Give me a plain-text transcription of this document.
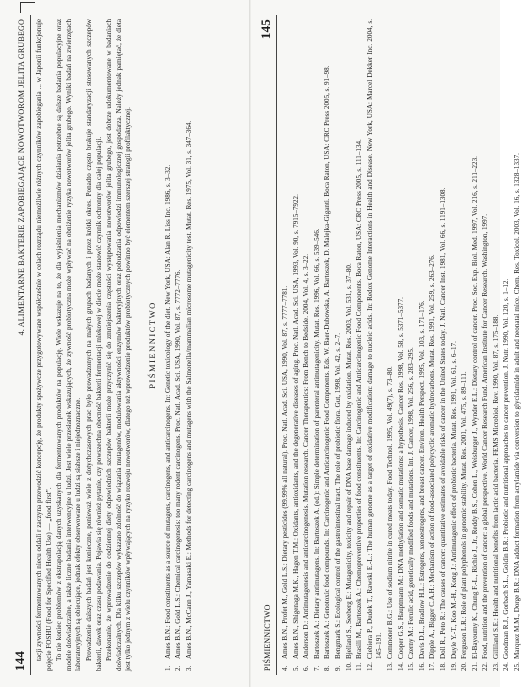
144
4. ALIMENTARNE BAKTERIE ZAPOBIEGAJĄCE NOWOTWOROM JELITA GRUBEGO tacji zywności fermentowanych niecu oddali r zaczyna przewodzić koncepcję, że produkty spożywcze przygotowywane współcześnie w celach rozrządu niemożliwie różnych czynników zapobiegania ... w Japonii funkcjonuje pojęcie FOSHU (Food for Specified Health Use) — „food first”. To nie koniec problemów z ekstrapolacją danych uzyskanych dla fermentowanych produktów na populację. Wiele wskazuje na to, że dla wyjaśnienia mechanizmów działania potrzebne są dalsze badania populacyjne oraz modele doświadczalne, a także liczne badania interwencyjne u ludzi. Jest wiele przesłanek wskazujących, że zywność probiotyczna może wpływać na obniżenie ryzyka nowotworów jelita grubego. Wyniki badań na zwierzętach laboratoryjnych są obiecujące, jednak efekty obserwowane u ludzi są słabsze i niejednoznaczne. Prowadzenie dalszych badań jest konieczne, ponieważ wiele z dotychczasowych prac było prowadzonych na małych grupach badanych i przez krótki okres. Ponadto często brakuje standaryzacji stosowanych szczepów bakterii, dawek oraz czasu podawania. Pojawia się również pytanie, czy powszechna obecność bakterii fermentacji mlekowej w diecie może stanowić czynnik ochronny dla całej populacji. Przekonanie, że wprowadzenie do codziennej diety odpowiednich szczepów bakterii może przyczynić się do zmniejszenia częstości występowania nowotworów jelita grubego, jest dobrze udokumentowane w badaniach doświadczalnych. Dla kilku szczepów wykazano zdolność do wiązania mutagenów, modulowania aktywności enzymów bakteryjnych oraz pobudzania odpowiedzi immunologicznej gospodarza. Należy jednak pamiętać, że dieta jest tylko jednym z wielu czynników wpływających na ryzyko rozwoju nowotworów, dlatego też wprowadzenie produktów probiotycznych powinno być elementem szerszej strategii profilaktycznej. PIŚMIENNICTWO
1.
Ames B.N.: Food constituents as a source of mutagens, carcinogens, and anticarcinogens. In: Genetic toxicology of the diet. New York, USA: Alan R. Liss Inc. 1986, s. 3–32.
2.
Ames B.N., Gold L.S.: Chemical carcinogenesis: too many rodent carcinogens. Proc. Natl. Acad. Sci. USA, 1990, Vol. 87, s. 7772–7776.
3.
Ames B.N., McCann J., Yamasaki E.: Methods for detecting carcinogens and mutagens with the Salmonella/mammalian microsome mutagenicity test. Mutat. Res. 1975, Vol. 31, s. 347–364.	PIŚMIENNICTWO
145
4.
Ames B.N., Profet M., Gold L.S.: Dietary pesticides (99.99% all natural). Proc. Natl. Acad. Sci. USA, 1990, Vol. 87, s. 7777–7781.
5.
Ames B.N., Shigenaga M.K., Hagen T.M.: Oxidants, antioxidants, and the degenerative diseases of aging. Proc. Natl. Acad. Sci. USA, 1993, Vol. 90, s. 7915–7922.
6.
Anderson D.: Antimutagenesis and anticarcinogenesis. Mutation research. Cancer Therapeutics: From Bench to Bedside. 2004, Vol. 4, s. 3–22.
7.
Bartoszek A.: Dietary antimutagens. In: Bartoszek A. (ed.): Simple determination of parenteral antimutagenicity. Mutat. Res. 1996, Vol. 66, s. 539–546.
8.
Bartoszek A.: Genotoxic food compounds. In: Carcinogenic and Anticarcinogenic Food Components. Eds. W. Baer-Dubowska, A. Bartoszek, D. Malejka-Giganti. Boca Raton, USA: CRC Press 2005, s. 91–98.
9.
Bengmark S.: Ecological control of the gastrointestinal tract. The role of probiotic flora. Gut, 1998, Vol. 42, s. 2–7.
10.
Bjelland S., Seeberg E.: Mutagenicity, toxicity and repair of DNA base damage induced by oxidation. Mutat. Res. 2003, Vol. 531, s. 37–80.
11.
Brasili M., Bartoszek A.: Chemopreventive properties of food constituents. In: Carcinogenic and Anticarcinogenic Food Components. Boca Raton, USA: CRC Press 2005, s. 111–134.
12.
Ciebiera P., Dudek T., Rawski E.-L.: The human genome as a target of oxidative modification: damage to nucleic acids. In: Redox Genome Interactions in Health and Disease. New York, USA: Marcel Dekker Inc. 2004, s. 145–191.
13.
Commoner B.G.: Use of sodium nitrite in cured meats today. Food Technol. 1995, Vol. 49(7), s. 73–80.
14.
Cooper G.S., Hauptmann M.: DNA methylation and somatic mutations: a hypothesis. Cancer Res. 1998, Vol. 58, s. 5371–5377.
15.
Czerny M.: Ferulic acid, genetically modified foods and mutations. Int. J. Cancer, 1998, Vol. 256, s. 283–295.
16.
Davis D.L., Bradlow H.L.: Estrogens, xenoestrogens, and breast cancer. Environ. Health Perspect. 1995, Vol. 103, s. 171–176.
17.
Dipple A., Bigger C.A.H.: Mechanism of action of food-associated polycyclic aromatic hydrocarbons. Mutat. Res. 1991, Vol. 259, s. 263–276.
18.
Doll R., Peto R.: The causes of cancer: quantitative estimates of avoidable risks of cancer in the United States today. J. Natl. Cancer Inst. 1981, Vol. 66, s. 1191–1308.
19.
Duyle Y.-T., Koo M.-H., Kong J.: Antimutagenic effect of probiotic bacteria. Mutat. Res. 1991, Vol. 61, s. 6–17.
20.
Ferguson L.R.: Role of plant polyphenols in genomic stability. Mutat. Res. 2001, Vol. 475, s. 89–111.
21.
El-Bayoumy K., Chung F.-L., Richie J., Jr., Reddy B.S., Cohen L., Weisburger J., Wynder E.L.: Dietary control of cancer. Proc. Soc. Exp. Biol. Med. 1997, Vol. 216, s. 211–223.
22.
Food, nutrition and the prevention of cancer: a global perspective. World Cancer Research Fund. American Institute for Cancer Research. Washington, 1997.
23.
Gilliland S.E.: Health and nutritional benefits from lactic acid bacteria. FEMS Microbiol. Rev. 1990, Vol. 87, s. 175–188.
24.
Goodman R.J., Gorbach S.L., Goldin B.R.: Probiotic and nutritional approaches to cancer prevention. J. Nutr. 1990, Vol. 120, s. 1–12.
25.
Marquez M.M., Dorge B.R.: DNA adduct formation from acrylamide via conversion to glycidamide in adult and neonatal mice. Chem. Res. Toxicol. 2003, Vol. 16, s. 1328–1337.
